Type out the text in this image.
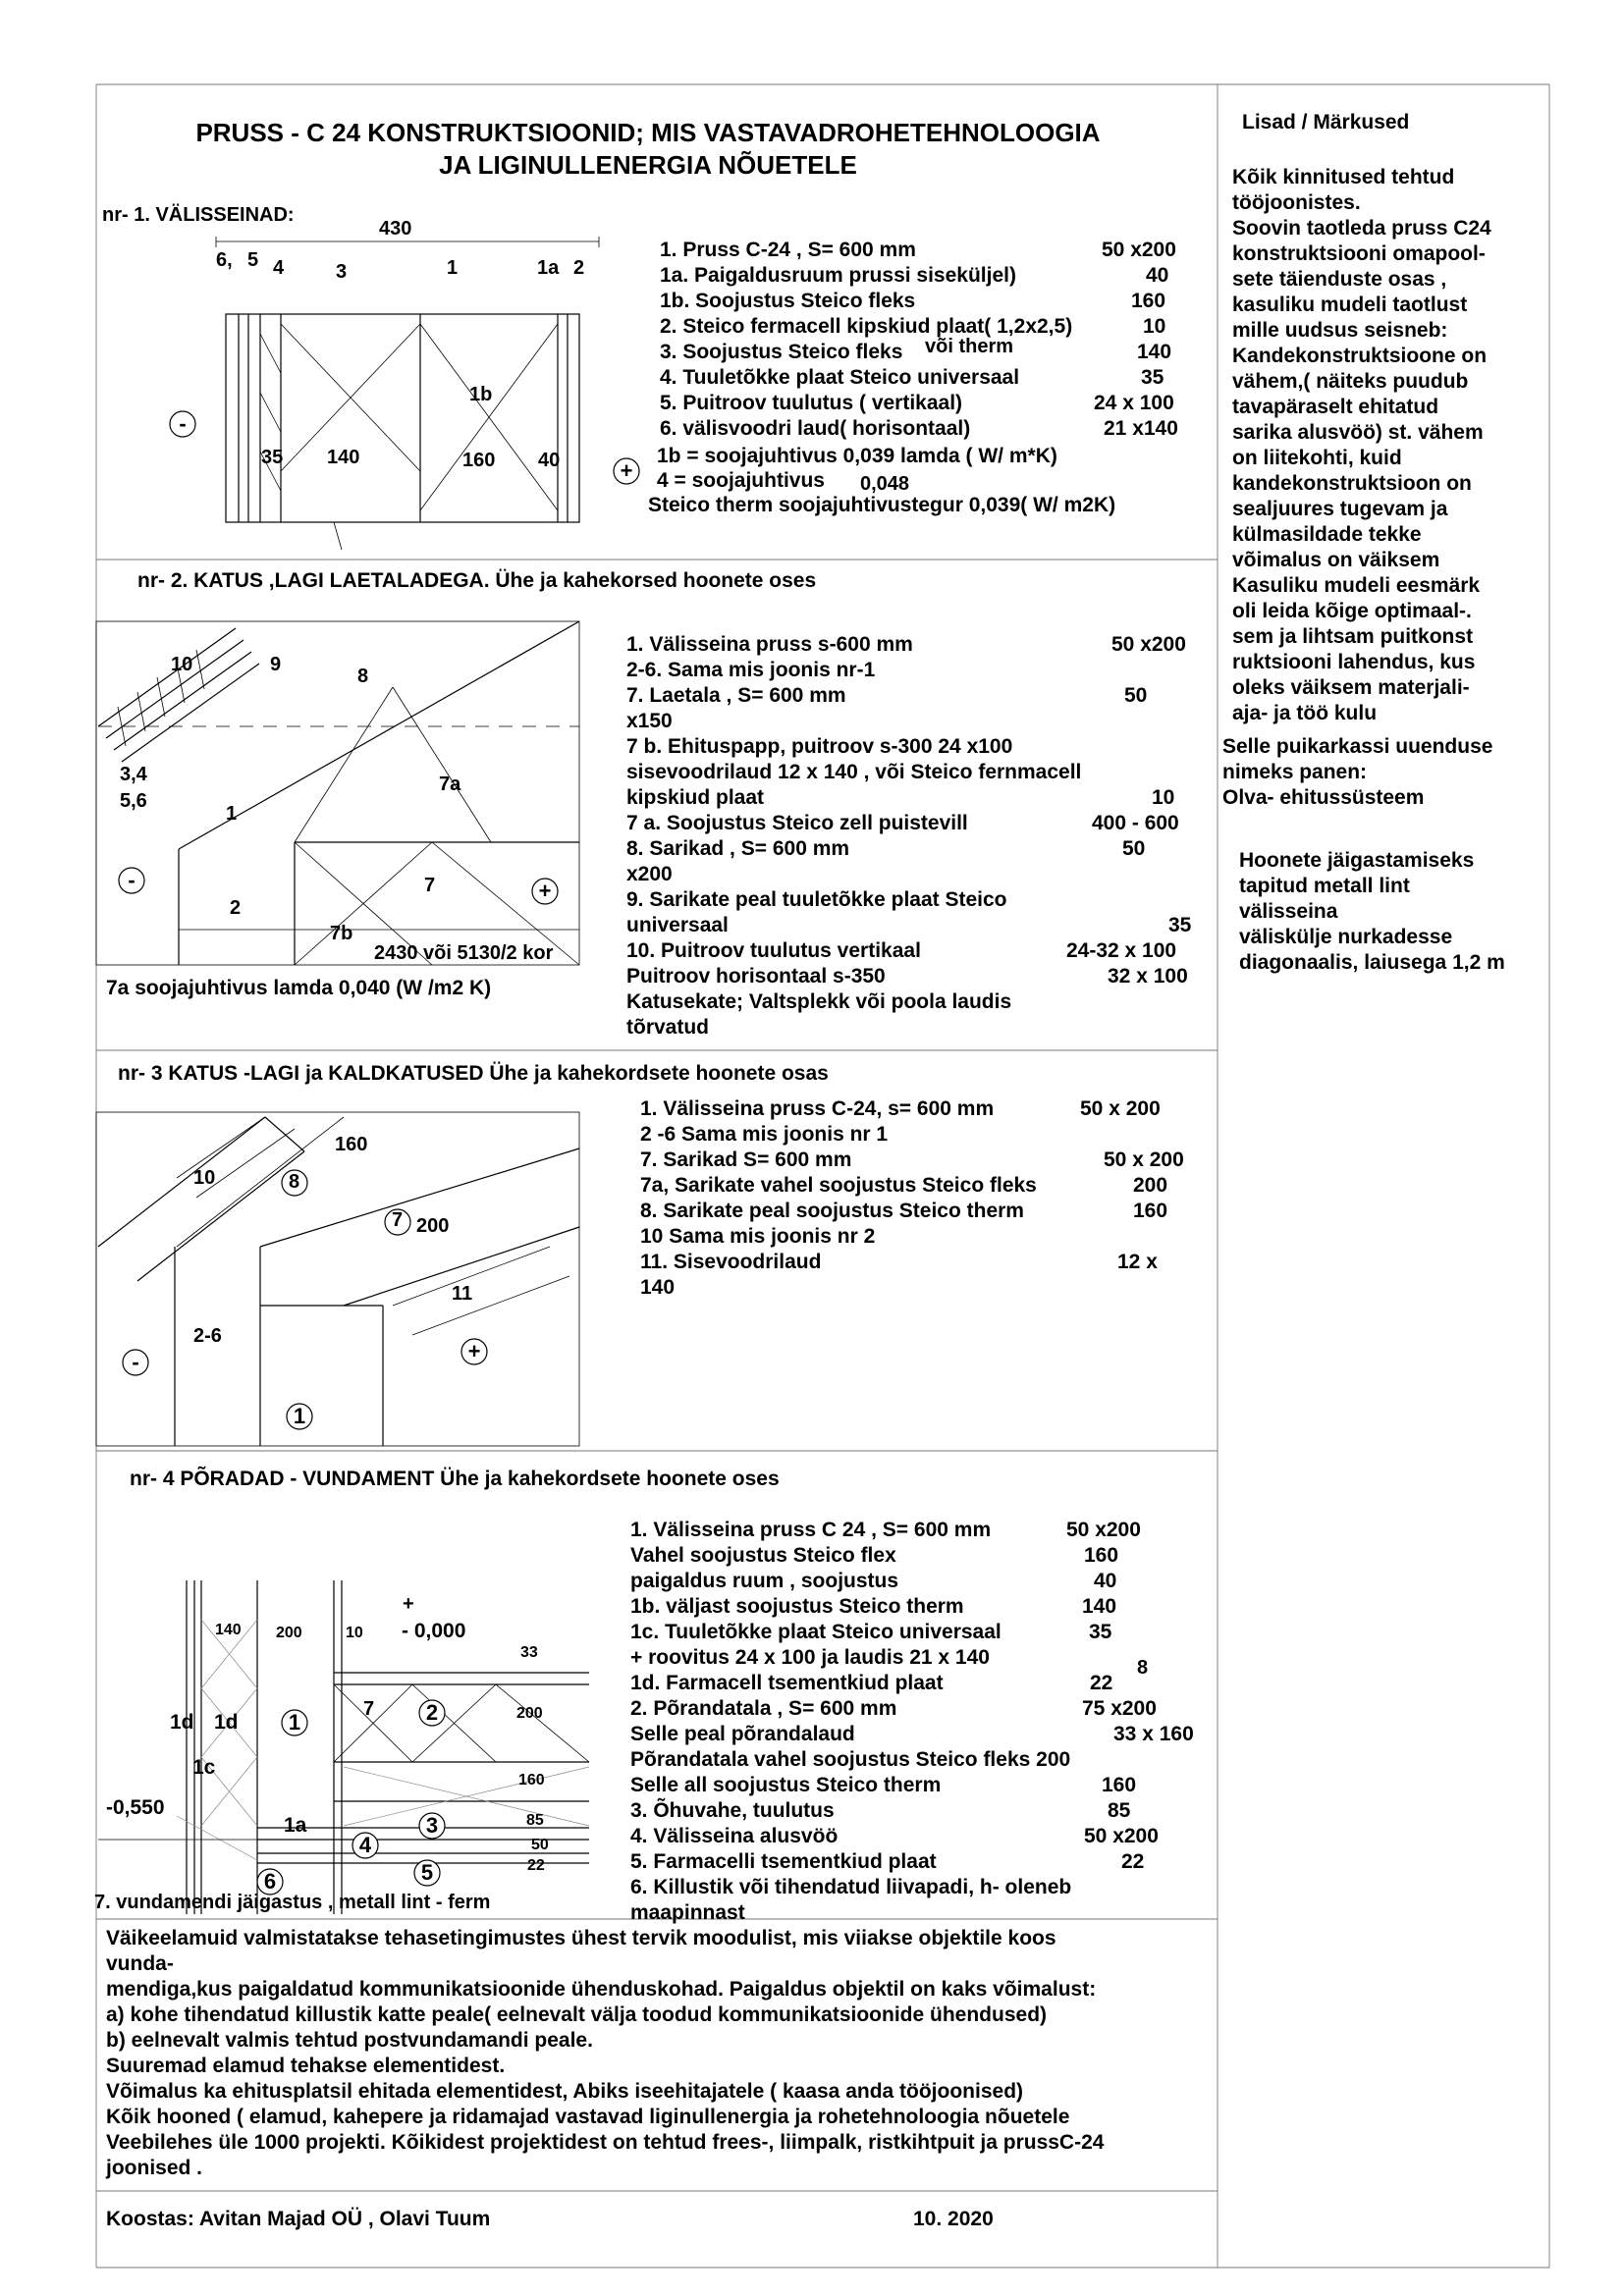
PRUSS - C 24 KONSTRUKTSIOONID; MIS VASTAVADROHETEHNOLOOGIA
JA LIGINULLENERGIA NÕUETELE
Lisad / Märkused
Kõik kinnitused tehtud
tööjoonistes.
Soovin taotleda pruss C24
konstruktsiooni omapool-
sete täienduste osas ,
kasuliku mudeli taotlust
mille uudsus seisneb:
Kandekonstruktsioone on
vähem,( näiteks puudub
tavapäraselt ehitatud
sarika alusvöö) st. vähem
on liitekohti, kuid
kandekonstruktsioon on
sealjuures tugevam ja
külmasildade tekke
võimalus on väiksem
Kasuliku mudeli eesmärk
oli leida kõige optimaal-.
sem ja lihtsam puitkonst
ruktsiooni lahendus, kus
oleks väiksem materjali-
aja- ja töö kulu
Selle puikarkassi uuenduse
nimeks panen:
Olva- ehitussüsteem
Hoonete jäigastamiseks
tapitud metall lint
välisseina
väliskülje nurkadesse
diagonaalis, laiusega 1,2 m
nr- 1. VÄLISSEINAD:
430
6, 5 4	3	1	1a 2
1b
35 140	160 40
-
+
1. Pruss C-24 , S= 600 mm	50 x200
1a. Paigaldusruum prussi siseküljel)	40
1b. Soojustus Steico fleks	160
2. Steico fermacell kipskiud plaat( 1,2x2,5)	10
3. Soojustus Steico fleks	140
4. Tuuletõkke plaat Steico universaal	35
5. Puitroov tuulutus ( vertikaal)	24 x 100
6. välisvoodri laud( horisontaal)	21 x140
või therm
1b = soojajuhtivus 0,039 lamda ( W/ m*K)
4 = soojajuhtivus 0,048
Steico therm soojajuhtivustegur 0,039( W/ m2K)
nr- 2. KATUS ,LAGI LAETALADEGA. Ühe ja kahekorsed hoonete oses
10	9
8
3,4
5,6
1
7a
7
2
7b
2430 või 5130/2 kor
-	+
7a soojajuhtivus lamda 0,040 (W /m2 K)
1. Välisseina pruss s-600 mm	50 x200
2-6. Sama mis joonis nr-1
7. Laetala , S= 600 mm	50
x150
7 b. Ehituspapp, puitroov s-300 24 x100
sisevoodrilaud 12 x 140 , või Steico fernmacell
kipskiud plaat	10
7 a. Soojustus Steico zell puistevill	400 - 600
8. Sarikad , S= 600 mm	50
x200
9. Sarikate peal tuuletõkke plaat Steico
universaal	35
10. Puitroov tuulutus vertikaal	24-32 x 100
Puitroov horisontaal s-350	32 x 100
Katusekate; Valtsplekk või poola laudis
tõrvatud
nr- 3 KATUS -LAGI ja KALDKATUSED Ühe ja kahekordsete hoonete osas
160
10	8
7 200
11
2-6
1
-	+
1. Välisseina pruss C-24, s= 600 mm	50 x 200
2 -6 Sama mis joonis nr 1
7. Sarikad S= 600 mm	50 x 200
7a, Sarikate vahel soojustus Steico fleks	200
8. Sarikate peal soojustus Steico therm	160
10 Sama mis joonis nr 2
11. Sisevoodrilaud	12 x
140
nr- 4 PÕRADAD - VUNDAMENT Ühe ja kahekordsete hoonete oses
140 200	10
+
- 0,000
33
7	2	200
1d 1d	1
1c
160
-0,550
85
1a	3
50
4
22
6	5
7. vundamendi jäigastus , metall lint - ferm
1. Välisseina pruss C 24 , S= 600 mm	50 x200
Vahel soojustus Steico flex	160
paigaldus ruum , soojustus	40
1b. väljast soojustus Steico therm	140
1c. Tuuletõkke plaat Steico universaal	35
+ roovitus 24 x 100 ja laudis 21 x 140
1d. Farmacell tsementkiud plaat	22
2. Põrandatala , S= 600 mm	75 x200
Selle peal põrandalaud	33 x 160
Põrandatala vahel soojustus Steico fleks 200
Selle all soojustus Steico therm	160
3. Õhuvahe, tuulutus	85
4. Välisseina alusvöö	50 x200
5. Farmacelli tsementkiud plaat	22
6. Killustik või tihendatud liivapadi, h- oleneb
maapinnast
8
Väikeelamuid valmistatakse tehasetingimustes ühest tervik moodulist, mis viiakse objektile koos
vunda-
mendiga,kus paigaldatud kommunikatsioonide ühenduskohad. Paigaldus objektil on kaks võimalust:
a) kohe tihendatud killustik katte peale( eelnevalt välja toodud kommunikatsioonide ühendused)
b) eelnevalt valmis tehtud postvundamandi peale.
Suuremad elamud tehakse elementidest.
Võimalus ka ehitusplatsil ehitada elementidest, Abiks iseehitajatele ( kaasa anda tööjoonised)
Kõik hooned ( elamud, kahepere ja ridamajad vastavad liginullenergia ja rohetehnoloogia nõuetele
Veebilehes üle 1000 projekti. Kõikidest projektidest on tehtud frees-, liimpalk, ristkihtpuit ja prussC-24
joonised .
Koostas: Avitan Majad OÜ , Olavi Tuum	10. 2020
